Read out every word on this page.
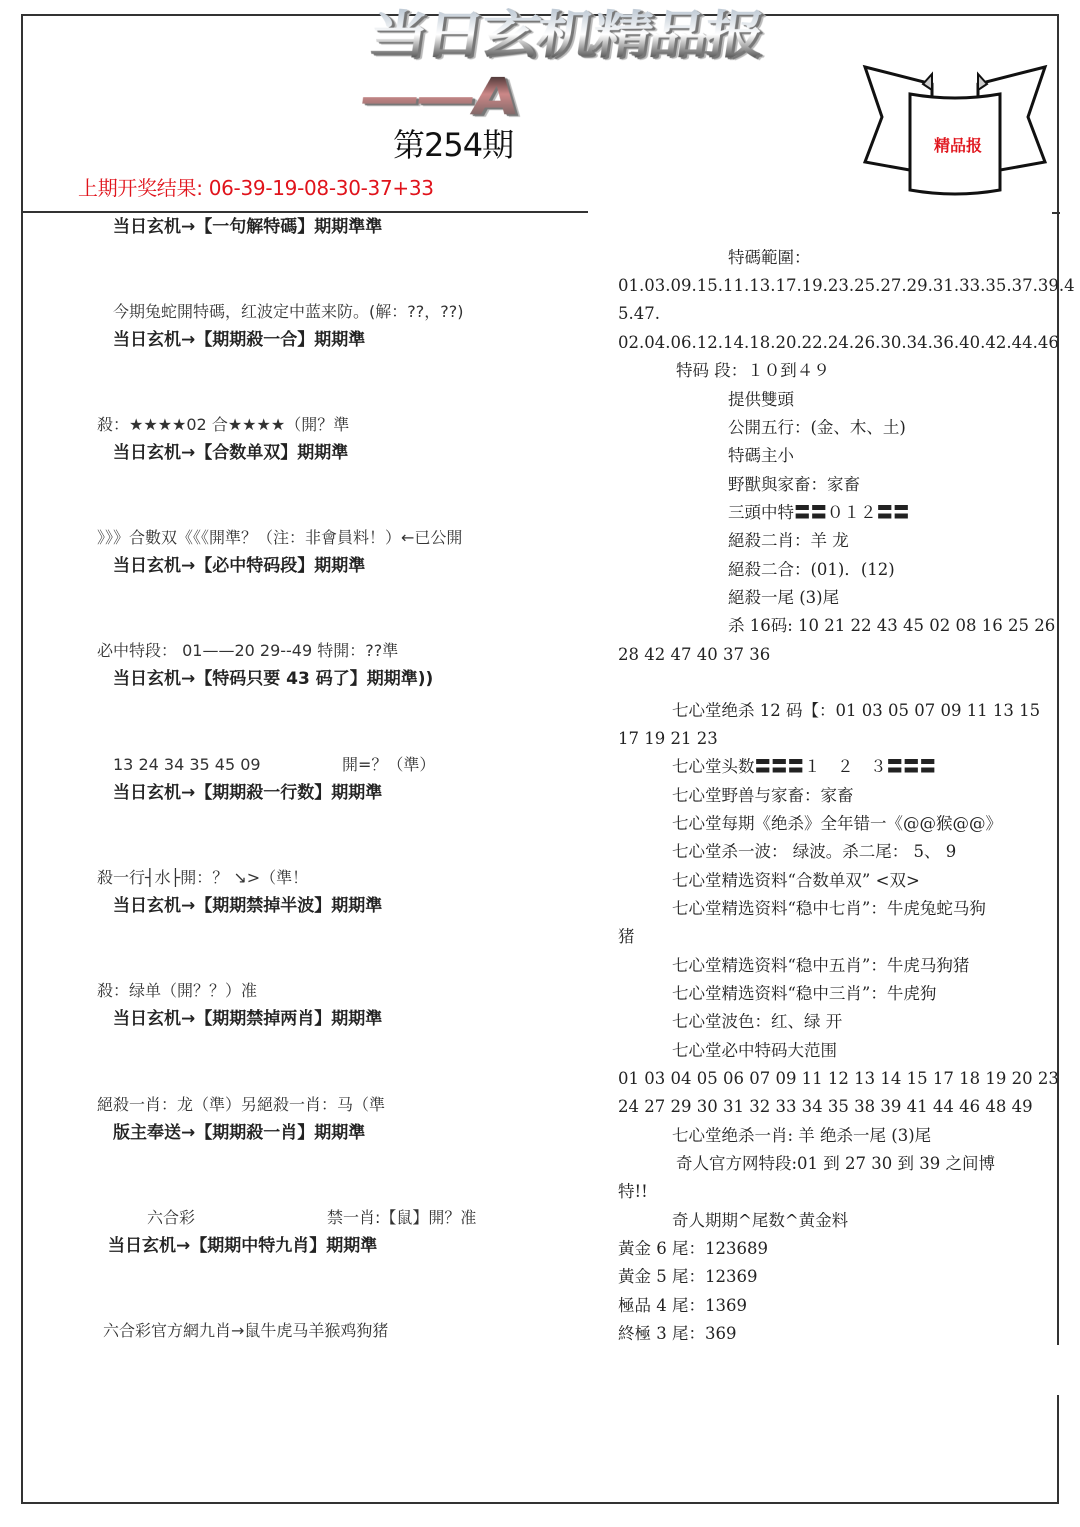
当日玄机精品报——A
第254期
上期开奖结果: 06-39-19-08-30-37+33
精品报
当日玄机→【一句解特碼】期期準準
今期兔蛇開特碼，红波定中蓝来防。(解：??，??)
当日玄机→【期期殺一合】期期準
殺：★★★★02 合★★★★（開？準
当日玄机→【合数单双】期期準
》》》合數双《《《開準？（注：非會員料！）←已公開
当日玄机→【必中特码段】期期準
必中特段： 01——20 29--49 特開：??準
当日玄机→【特码只要 43 码了】期期準))
13 24 34 35 45 09                開=？（準）
当日玄机→【期期殺一行数】期期準
殺一行┤水├開：？ ↘>（準！
当日玄机→【期期禁掉半波】期期準
殺：绿单（開？？）准
当日玄机→【期期禁掉两肖】期期準
絕殺一肖：龙（準）另絕殺一肖：马（準
版主奉送→【期期殺一肖】期期準
六合彩	禁一肖:【鼠】開？准
当日玄机→【期期中特九肖】期期準
六合彩官方網九肖→鼠牛虎马羊猴鸡狗猪
特碼範圍：
01.03.09.15.11.13.17.19.23.25.27.29.31.33.35.37.39.4
5.47.
02.04.06.12.14.18.20.22.24.26.30.34.36.40.42.44.46
特码 段：１０到４９
提供雙頭
公開五行：(金、木、土)
特碼主小
野獸與家畜：家畜
三頭中特〓〓０１２〓〓
絕殺二肖：羊 龙
絕殺二合：(01)．(12)
絕殺一尾 (3)尾
杀 16码: 10 21 22 43 45 02 08 16 25 26
28 42 47 40 37 36
七心堂绝杀 12 码【：01 03 05 07 09 11 13 15
17 19 21 23
七心堂头数〓〓〓１　２　３〓〓〓
七心堂野兽与家畜：家畜
七心堂每期《绝杀》全年错一《@@猴@@》
七心堂杀一波： 绿波。杀二尾： 5、 9
七心堂精选资料“合数单双” <双>
七心堂精选资料“稳中七肖”：牛虎兔蛇马狗
猪
七心堂精选资料“稳中五肖”：牛虎马狗猪
七心堂精选资料“稳中三肖”：牛虎狗
七心堂波色：红、绿 开
七心堂必中特码大范围
01 03 04 05 06 07 09 11 12 13 14 15 17 18 19 20 23
24 27 29 30 31 32 33 34 35 38 39 41 44 46 48 49
七心堂绝杀一肖: 羊 绝杀一尾 (3)尾
奇人官方网特段:01 到 27 30 到 39 之间博
特!!
奇人期期^尾数^黄金料
黃金 6 尾：123689
黃金 5 尾：12369
極品 4 尾：1369
終極 3 尾：369
